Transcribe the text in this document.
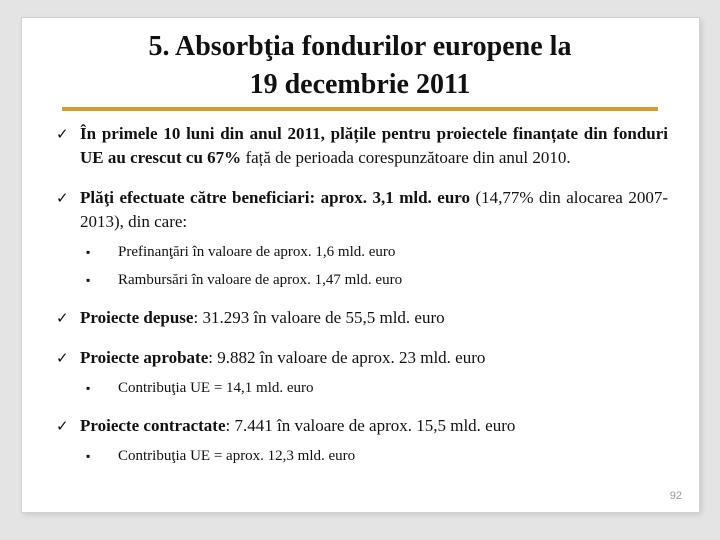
5. Absorbţia fondurilor europene la
19 decembrie 2011
✓ În primele 10 luni din anul 2011, plățile pentru proiectele finanțate din fonduri UE au crescut cu 67% față de perioada corespunzătoare din anul 2010.
✓ Plăţi efectuate către beneficiari: aprox. 3,1 mld. euro (14,77% din alocarea 2007-2013), din care:
▪ Prefinanţări în valoare de aprox. 1,6 mld. euro
▪ Rambursări în valoare de aprox. 1,47 mld. euro
✓ Proiecte depuse: 31.293 în valoare de 55,5 mld. euro
✓ Proiecte aprobate: 9.882 în valoare de aprox. 23 mld. euro
▪ Contribuţia UE = 14,1 mld. euro
✓ Proiecte contractate: 7.441 în valoare de aprox. 15,5 mld. euro
▪ Contribuţia UE = aprox. 12,3 mld. euro
92
